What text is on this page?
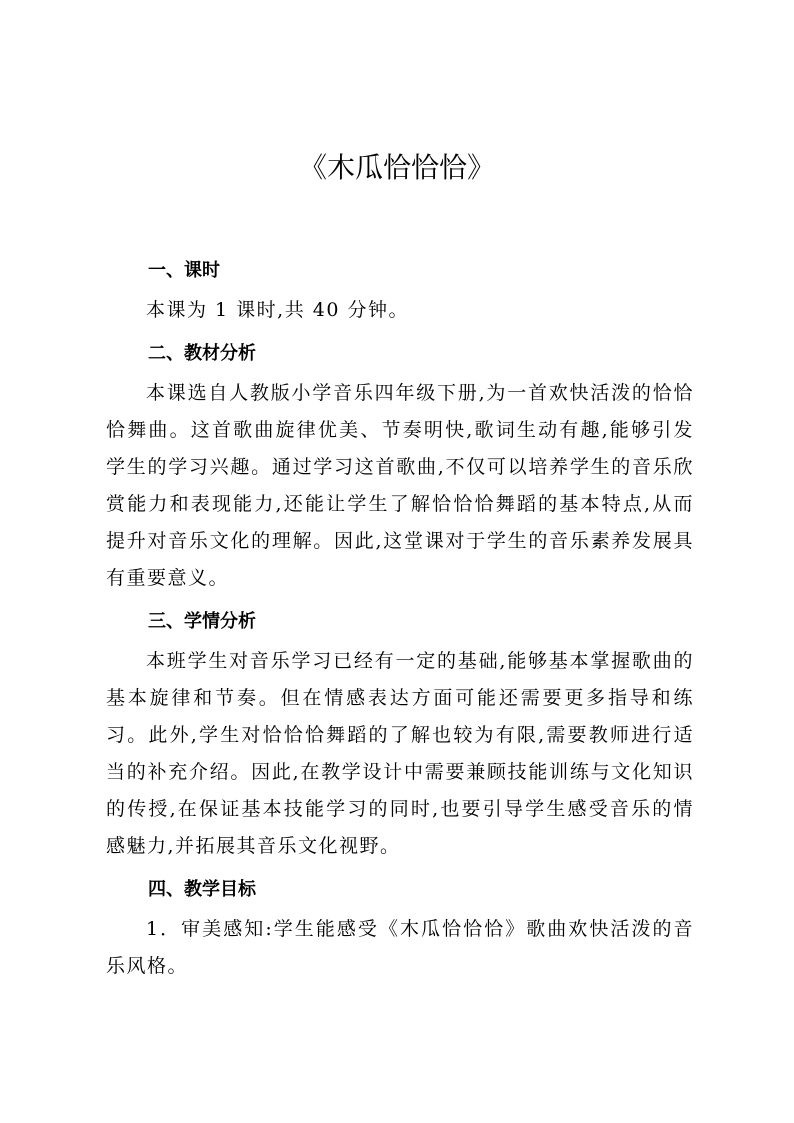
《木瓜恰恰恰》
一、课时

本课为 1 课时,共 40 分钟。

二、教材分析

本课选自人教版小学音乐四年级下册,为一首欢快活泼的恰恰恰舞曲。这首歌曲旋律优美、节奏明快,歌词生动有趣,能够引发学生的学习兴趣。通过学习这首歌曲,不仅可以培养学生的音乐欣赏能力和表现能力,还能让学生了解恰恰恰舞蹈的基本特点,从而提升对音乐文化的理解。因此,这堂课对于学生的音乐素养发展具有重要意义。

三、学情分析

本班学生对音乐学习已经有一定的基础,能够基本掌握歌曲的基本旋律和节奏。但在情感表达方面可能还需要更多指导和练习。此外,学生对恰恰恰舞蹈的了解也较为有限,需要教师进行适当的补充介绍。因此,在教学设计中需要兼顾技能训练与文化知识的传授,在保证基本技能学习的同时,也要引导学生感受音乐的情感魅力,并拓展其音乐文化视野。

四、教学目标

1．审美感知:学生能感受《木瓜恰恰恰》歌曲欢快活泼的音乐风格。
